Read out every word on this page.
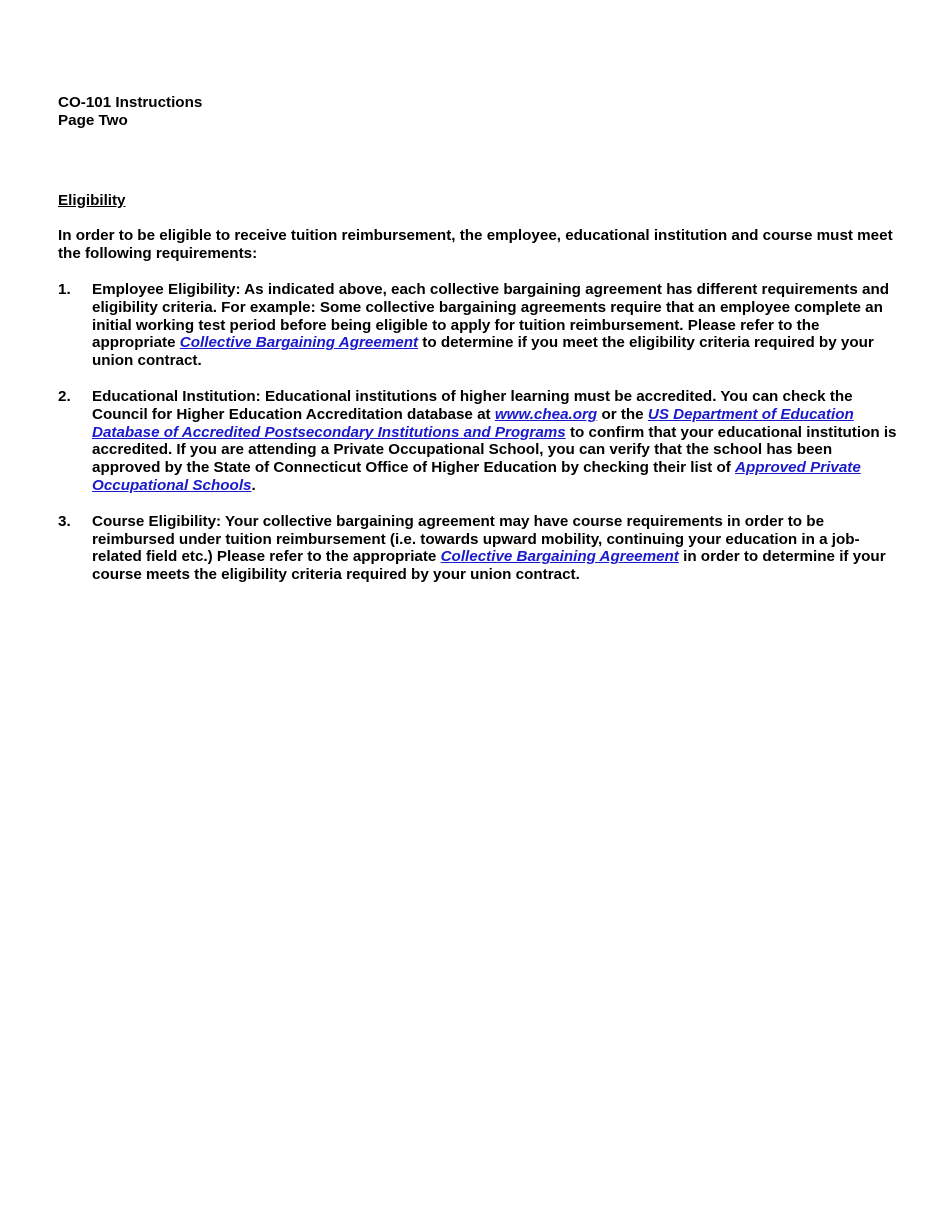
CO-101 Instructions
Page Two
Eligibility
In order to be eligible to receive tuition reimbursement, the employee, educational institution and course must meet the following requirements:
1. Employee Eligibility: As indicated above, each collective bargaining agreement has different requirements and eligibility criteria. For example: Some collective bargaining agreements require that an employee complete an initial working test period before being eligible to apply for tuition reimbursement. Please refer to the appropriate Collective Bargaining Agreement to determine if you meet the eligibility criteria required by your union contract.
2. Educational Institution: Educational institutions of higher learning must be accredited. You can check the Council for Higher Education Accreditation database at www.chea.org or the US Department of Education Database of Accredited Postsecondary Institutions and Programs to confirm that your educational institution is accredited. If you are attending a Private Occupational School, you can verify that the school has been approved by the State of Connecticut Office of Higher Education by checking their list of Approved Private Occupational Schools.
3. Course Eligibility: Your collective bargaining agreement may have course requirements in order to be reimbursed under tuition reimbursement (i.e. towards upward mobility, continuing your education in a job-related field etc.) Please refer to the appropriate Collective Bargaining Agreement in order to determine if your course meets the eligibility criteria required by your union contract.
